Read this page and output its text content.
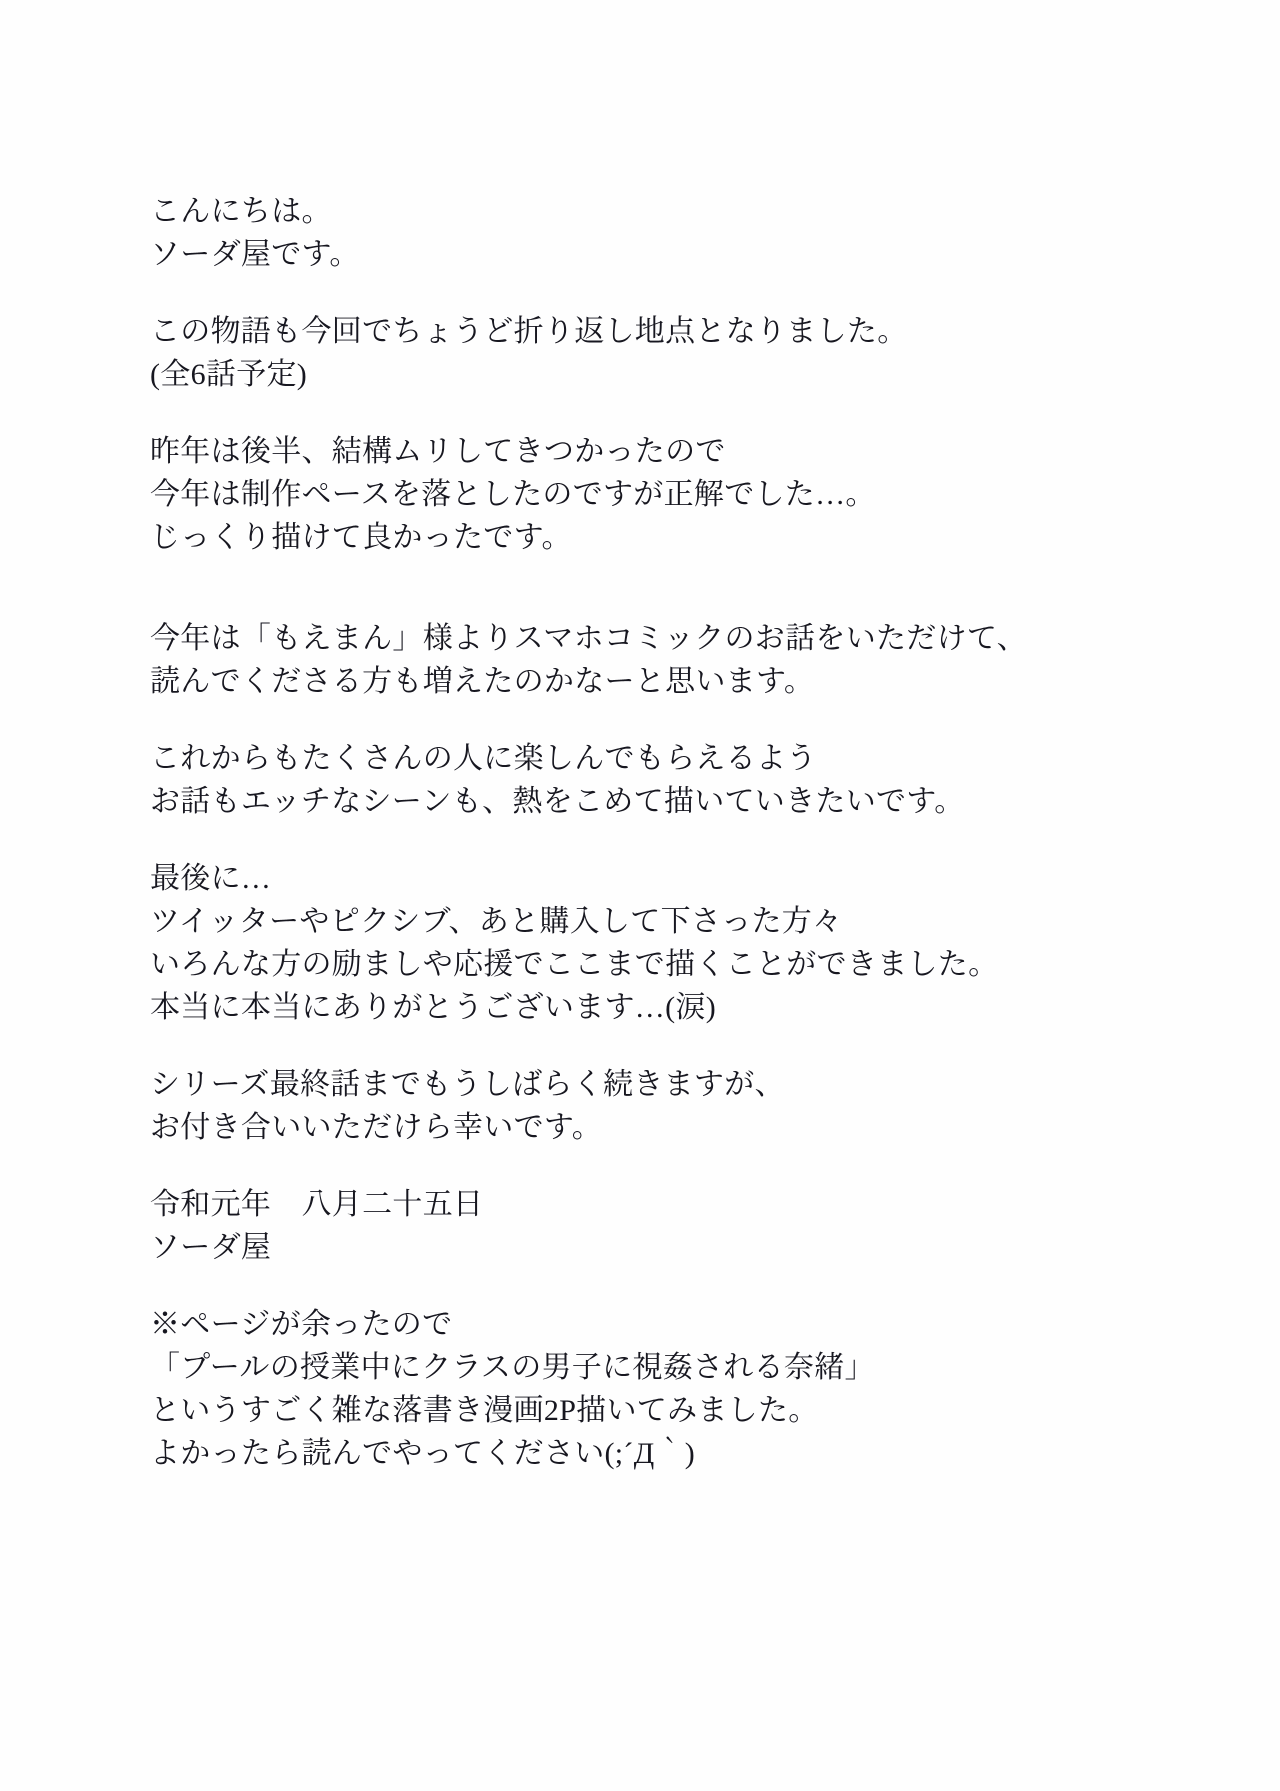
こんにちは。
ソーダ屋です。
この物語も今回でちょうど折り返し地点となりました。
(全6話予定)
昨年は後半、結構ムリしてきつかったので
今年は制作ペースを落としたのですが正解でした…。
じっくり描けて良かったです。
今年は「もえまん」様よりスマホコミックのお話をいただけて、
読んでくださる方も増えたのかなーと思います。
これからもたくさんの人に楽しんでもらえるよう
お話もエッチなシーンも、熱をこめて描いていきたいです。
最後に…
ツイッターやピクシブ、あと購入して下さった方々
いろんな方の励ましや応援でここまで描くことができました。
本当に本当にありがとうございます…(涙)
シリーズ最終話までもうしばらく続きますが、
お付き合いいただけら幸いです。
令和元年　八月二十五日
ソーダ屋
※ページが余ったので
「プールの授業中にクラスの男子に視姦される奈緒」
というすごく雑な落書き漫画2P描いてみました。
よかったら読んでやってください(;´Д｀)
